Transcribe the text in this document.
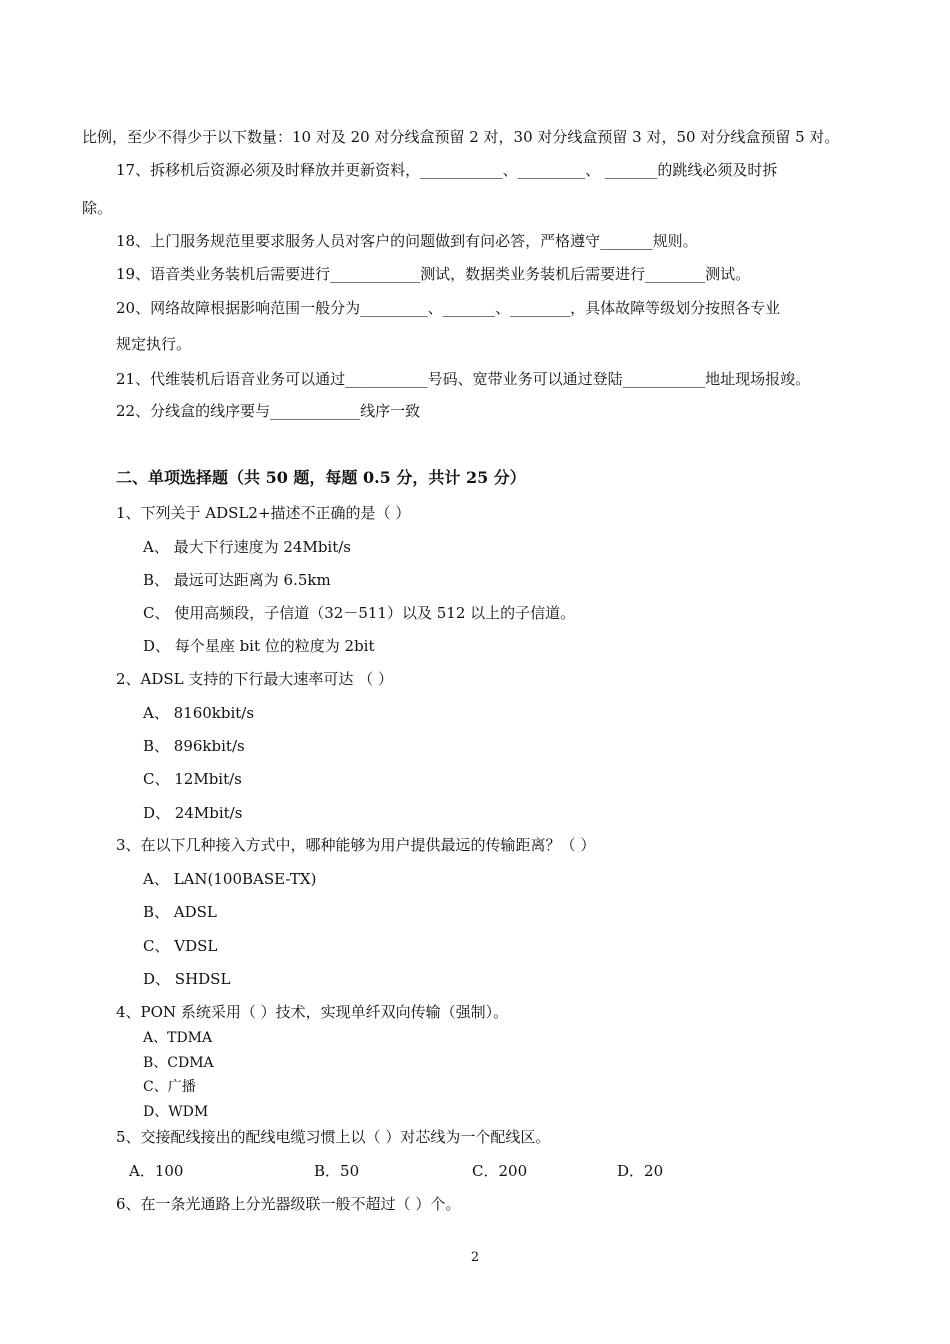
比例，至少不得少于以下数量：10 对及 20 对分线盒预留 2 对，30 对分线盒预留 3 对，50 对分线盒预留 5 对。
17、拆移机后资源必须及时释放并更新资料，___________、_________、 _______的跳线必须及时拆
除。
18、上门服务规范里要求服务人员对客户的问题做到有问必答，严格遵守_______规则。
19、语音类业务装机后需要进行____________测试，数据类业务装机后需要进行________测试。
20、网络故障根据影响范围一般分为_________、_______、________，具体故障等级划分按照各专业
规定执行。
21、代维装机后语音业务可以通过___________号码、宽带业务可以通过登陆___________地址现场报竣。
22、分线盒的线序要与____________线序一致
二、单项选择题（共 50 题，每题 0.5 分，共计 25 分）
1、下列关于 ADSL2+描述不正确的是（ ）
A、 最大下行速度为 24Mbit/s
B、 最远可达距离为 6.5km
C、 使用高频段，子信道（32－511）以及 512 以上的子信道。
D、 每个星座 bit 位的粒度为 2bit
2、ADSL 支持的下行最大速率可达 （ ）
A、 8160kbit/s
B、 896kbit/s
C、 12Mbit/s
D、 24Mbit/s
3、在以下几种接入方式中，哪种能够为用户提供最远的传输距离？（ ）
A、 LAN(100BASE-TX)
B、 ADSL
C、 VDSL
D、 SHDSL
4、PON 系统采用（ ）技术，实现单纤双向传输（强制）。
A、TDMA
B、CDMA
C、广播
D、WDM
5、交接配线接出的配线电缆习惯上以（ ）对芯线为一个配线区。
A．100	B．50	C．200	D．20
6、在一条光通路上分光器级联一般不超过（ ）个。
2
